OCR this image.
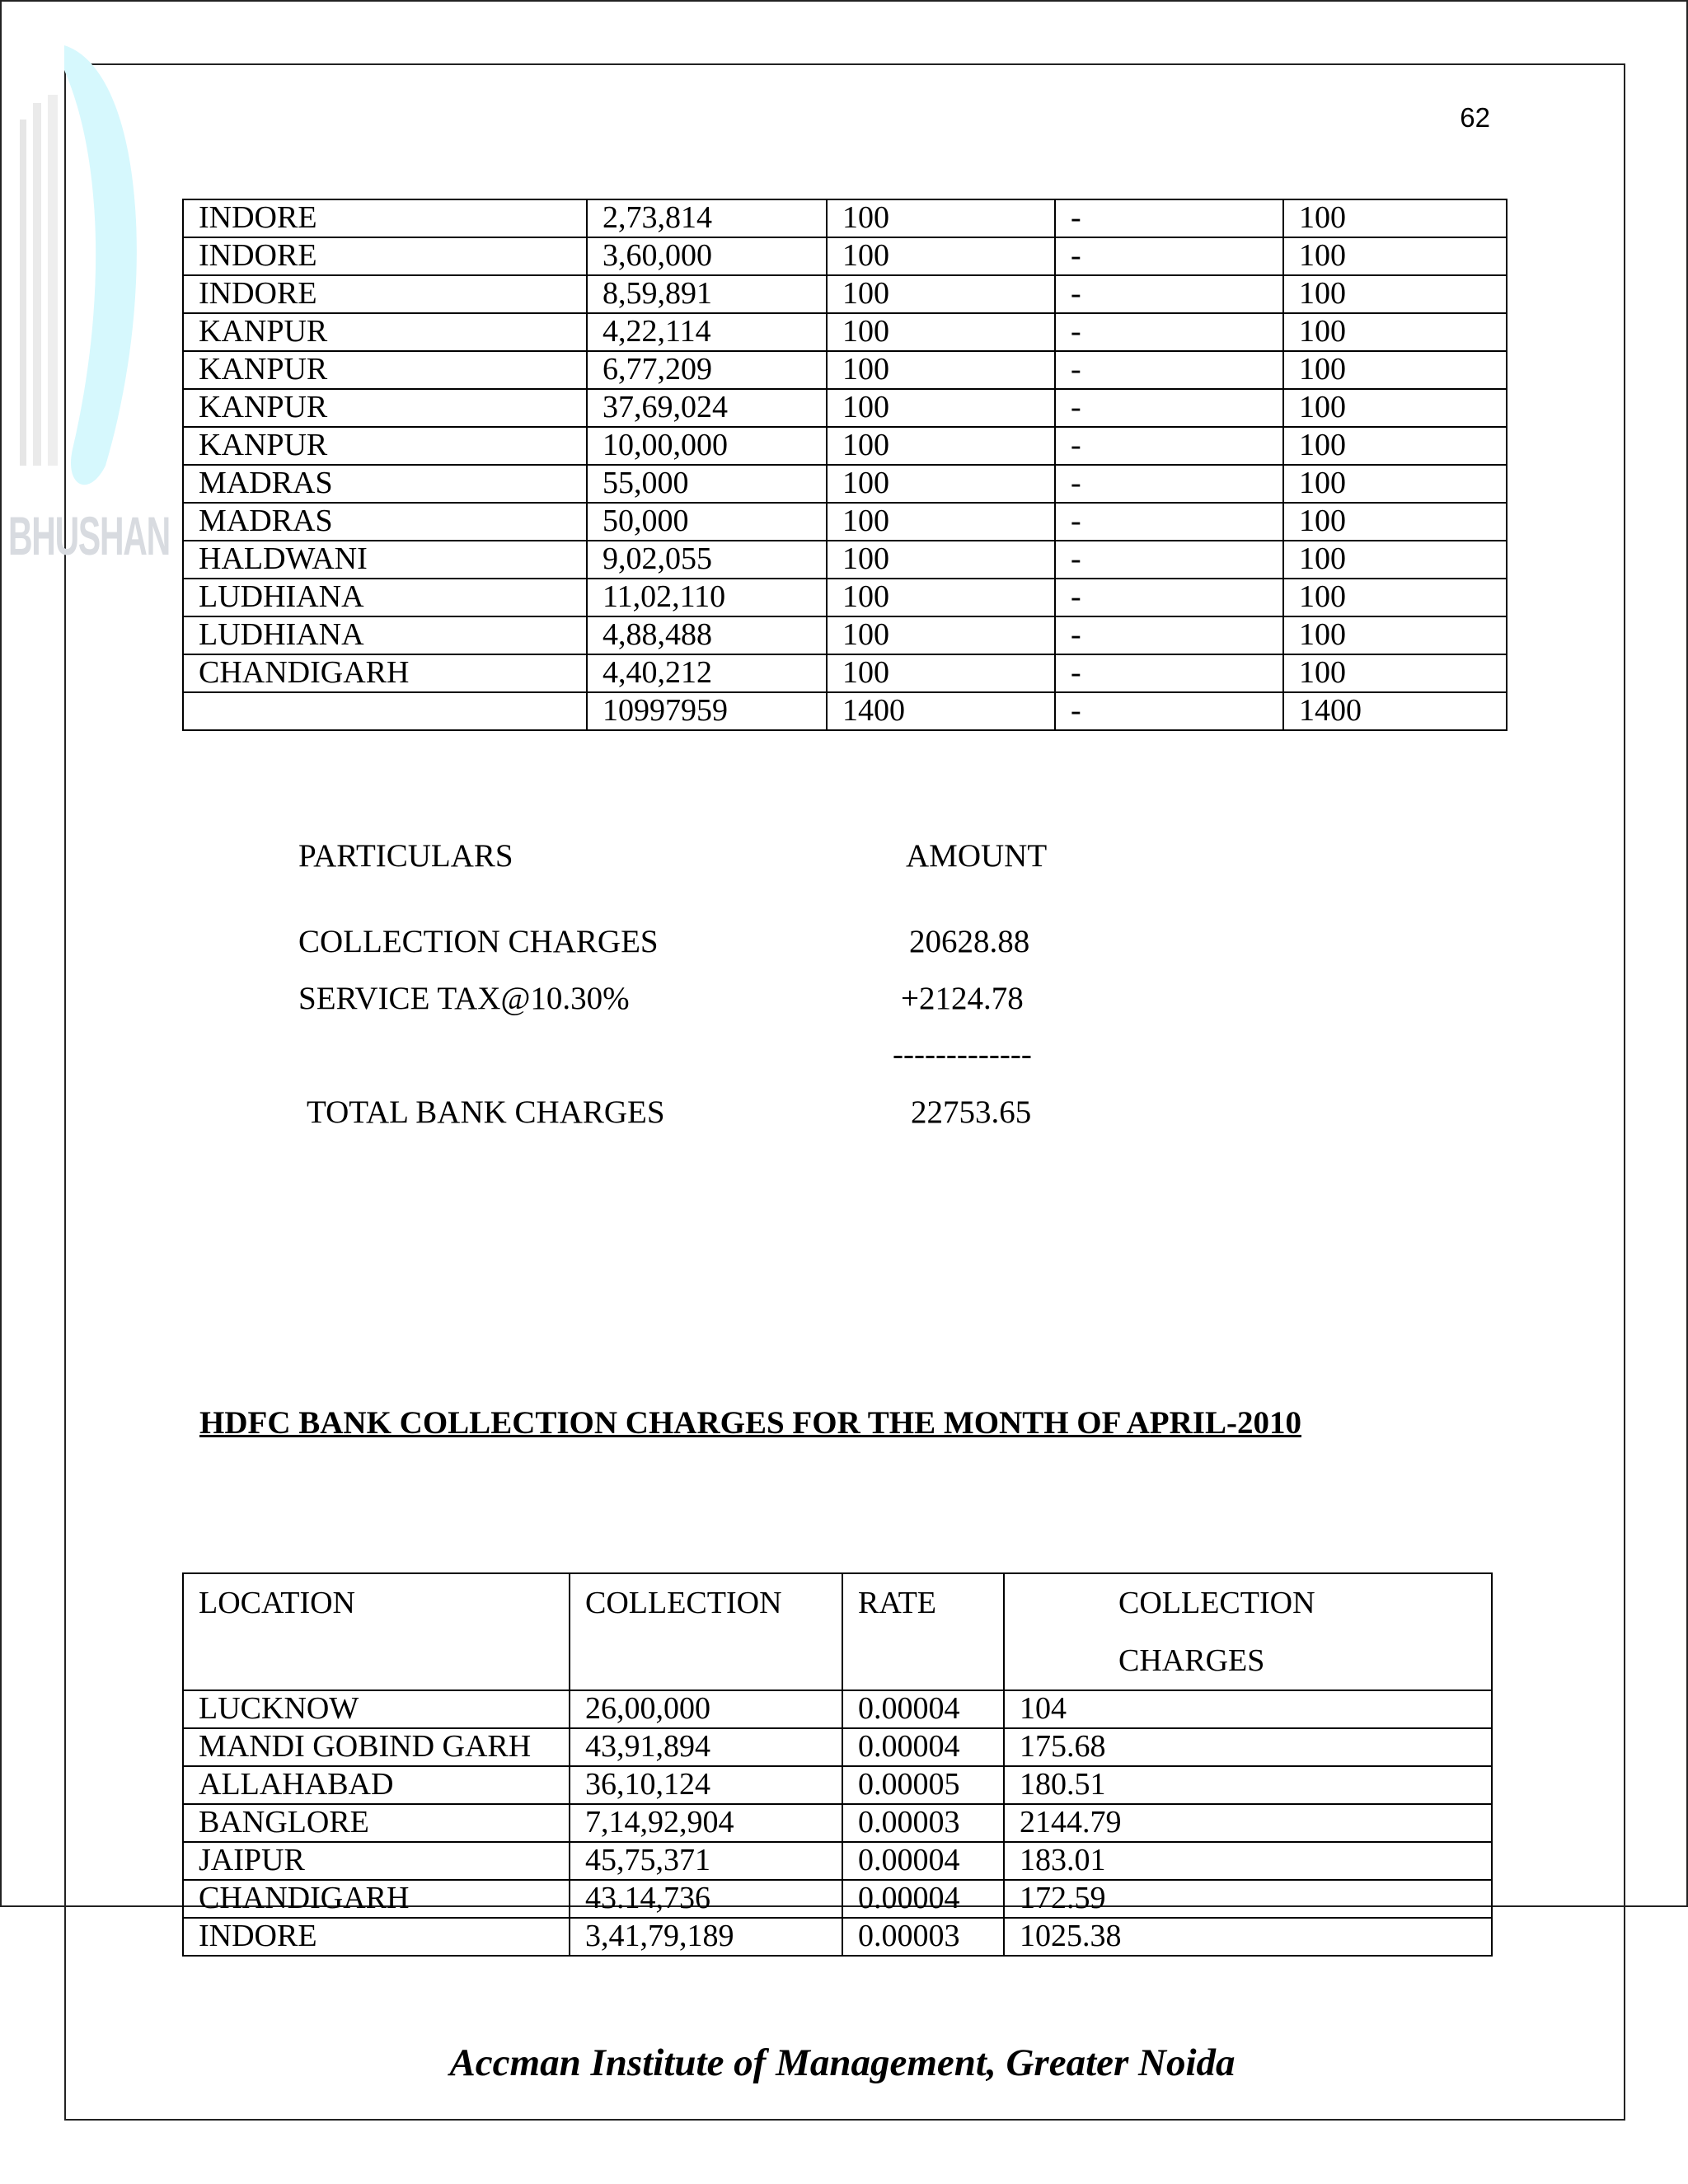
BHUSHAN
62
INDORE	2,73,814	100	-	100
INDORE	3,60,000	100	-	100
INDORE	8,59,891	100	-	100
KANPUR	4,22,114	100	-	100
KANPUR	6,77,209	100	-	100
KANPUR	37,69,024	100	-	100
KANPUR	10,00,000	100	-	100
MADRAS	55,000	100	-	100
MADRAS	50,000	100	-	100
HALDWANI	9,02,055	100	-	100
LUDHIANA	11,02,110	100	-	100
LUDHIANA	4,88,488	100	-	100
CHANDIGARH	4,40,212	100	-	100
	10997959	1400	-	1400
PARTICULARS	AMOUNT
COLLECTION CHARGES	20628.88
SERVICE TAX@10.30%	+2124.78
-------------
TOTAL BANK CHARGES	22753.65
HDFC BANK COLLECTION CHARGES FOR THE MONTH OF APRIL-2010
LOCATION	COLLECTION	RATE	COLLECTION
CHARGES
LUCKNOW	26,00,000	0.00004	104
MANDI GOBIND GARH	43,91,894	0.00004	175.68
ALLAHABAD	36,10,124	0.00005	180.51
BANGLORE	7,14,92,904	0.00003	2144.79
JAIPUR	45,75,371	0.00004	183.01
CHANDIGARH	43.14,736	0.00004	172.59
INDORE	3,41,79,189	0.00003	1025.38
Accman Institute of Management, Greater Noida
